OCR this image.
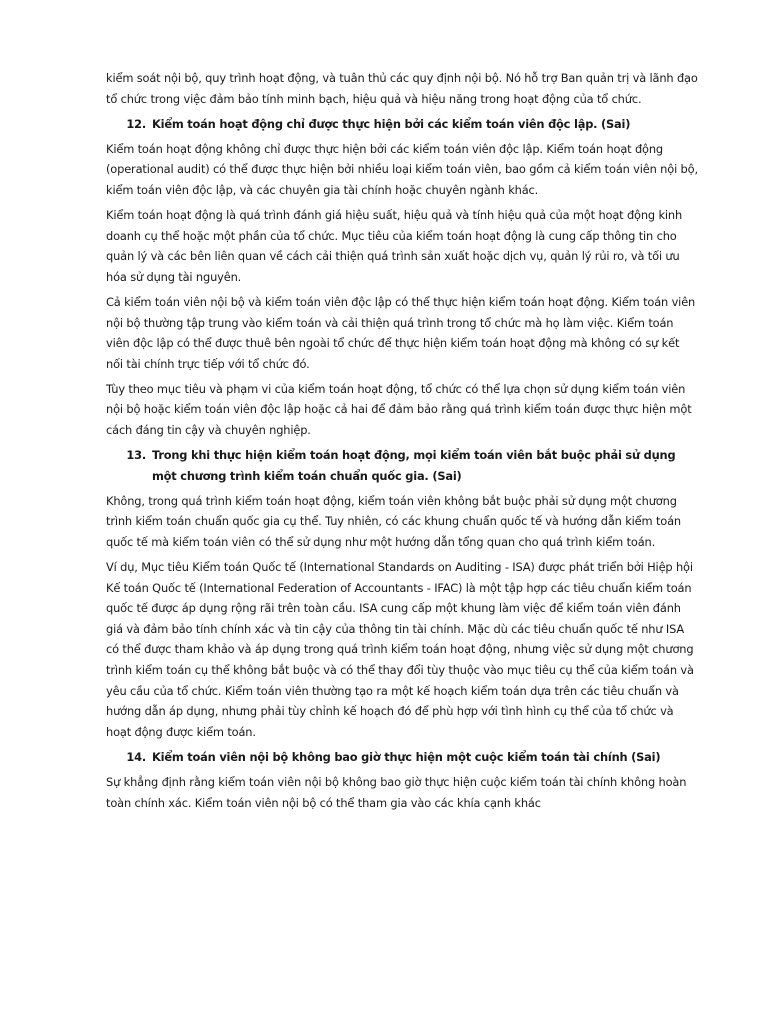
kiểm soát nội bộ, quy trình hoạt động, và tuân thủ các quy định nội bộ. Nó hỗ trợ Ban quản trị và lãnh đạo tổ chức trong việc đảm bảo tính minh bạch, hiệu quả và hiệu năng trong hoạt động của tổ chức.

12. Kiểm toán hoạt động chỉ được thực hiện bởi các kiểm toán viên độc lập. (Sai)

Kiểm toán hoạt động không chỉ được thực hiện bởi các kiểm toán viên độc lập. Kiểm toán hoạt động (operational audit) có thể được thực hiện bởi nhiều loại kiểm toán viên, bao gồm cả kiểm toán viên nội bộ, kiểm toán viên độc lập, và các chuyên gia tài chính hoặc chuyên ngành khác.

Kiểm toán hoạt động là quá trình đánh giá hiệu suất, hiệu quả và tính hiệu quả của một hoạt động kinh doanh cụ thể hoặc một phần của tổ chức. Mục tiêu của kiểm toán hoạt động là cung cấp thông tin cho quản lý và các bên liên quan về cách cải thiện quá trình sản xuất hoặc dịch vụ, quản lý rủi ro, và tối ưu hóa sử dụng tài nguyên.

Cả kiểm toán viên nội bộ và kiểm toán viên độc lập có thể thực hiện kiểm toán hoạt động. Kiểm toán viên nội bộ thường tập trung vào kiểm toán và cải thiện quá trình trong tổ chức mà họ làm việc. Kiểm toán viên độc lập có thể được thuê bên ngoài tổ chức để thực hiện kiểm toán hoạt động mà không có sự kết nối tài chính trực tiếp với tổ chức đó.

Tùy theo mục tiêu và phạm vi của kiểm toán hoạt động, tổ chức có thể lựa chọn sử dụng kiểm toán viên nội bộ hoặc kiểm toán viên độc lập hoặc cả hai để đảm bảo rằng quá trình kiểm toán được thực hiện một cách đáng tin cậy và chuyên nghiệp.

13. Trong khi thực hiện kiểm toán hoạt động, mọi kiểm toán viên bắt buộc phải sử dụng một chương trình kiểm toán chuẩn quốc gia. (Sai)

Không, trong quá trình kiểm toán hoạt động, kiểm toán viên không bắt buộc phải sử dụng một chương trình kiểm toán chuẩn quốc gia cụ thể. Tuy nhiên, có các khung chuẩn quốc tế và hướng dẫn kiểm toán quốc tế mà kiểm toán viên có thể sử dụng như một hướng dẫn tổng quan cho quá trình kiểm toán.

Ví dụ, Mục tiêu Kiểm toán Quốc tế (International Standards on Auditing - ISA) được phát triển bởi Hiệp hội Kế toán Quốc tế (International Federation of Accountants - IFAC) là một tập hợp các tiêu chuẩn kiểm toán quốc tế được áp dụng rộng rãi trên toàn cầu. ISA cung cấp một khung làm việc để kiểm toán viên đánh giá và đảm bảo tính chính xác và tin cậy của thông tin tài chính. Mặc dù các tiêu chuẩn quốc tế như ISA có thể được tham khảo và áp dụng trong quá trình kiểm toán hoạt động, nhưng việc sử dụng một chương trình kiểm toán cụ thể không bắt buộc và có thể thay đổi tùy thuộc vào mục tiêu cụ thể của kiểm toán và yêu cầu của tổ chức. Kiểm toán viên thường tạo ra một kế hoạch kiểm toán dựa trên các tiêu chuẩn và hướng dẫn áp dụng, nhưng phải tùy chỉnh kế hoạch đó để phù hợp với tình hình cụ thể của tổ chức và hoạt động được kiểm toán.

14. Kiểm toán viên nội bộ không bao giờ thực hiện một cuộc kiểm toán tài chính (Sai)

Sự khẳng định rằng kiểm toán viên nội bộ không bao giờ thực hiện cuộc kiểm toán tài chính không hoàn toàn chính xác. Kiểm toán viên nội bộ có thể tham gia vào các khía cạnh khác
